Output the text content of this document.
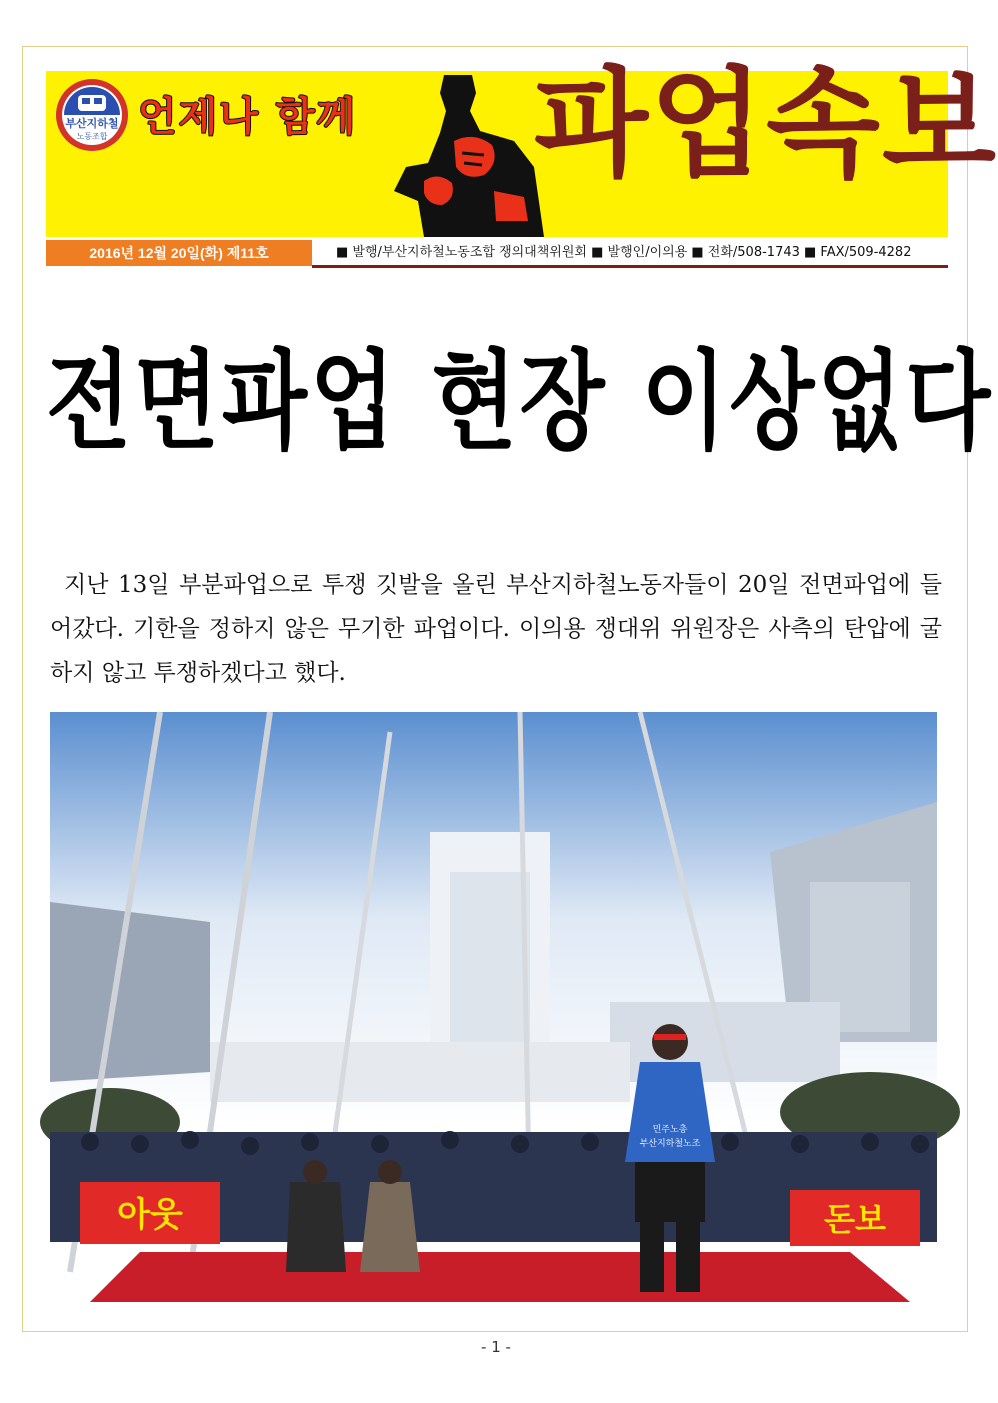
부산지하철
노동조합 언제나 함께 파업속보
2016년 12월 20일(화) 제11호	■ 발행/부산지하철노동조합 쟁의대책위원회 ■ 발행인/이의용 ■ 전화/508-1743 ■ FAX/509-4282
전면파업 현장 이상없다

지난 13일 부분파업으로 투쟁 깃발을 올린 부산지하철노동자들이 20일 전면파업에 들어갔다. 기한을 정하지 않은 무기한 파업이다. 이의용 쟁대위 위원장은 사측의 탄압에 굴하지 않고 투쟁하겠다고 했다.

아웃	돈보
민주노총
부산지하철노조
- 1 -
